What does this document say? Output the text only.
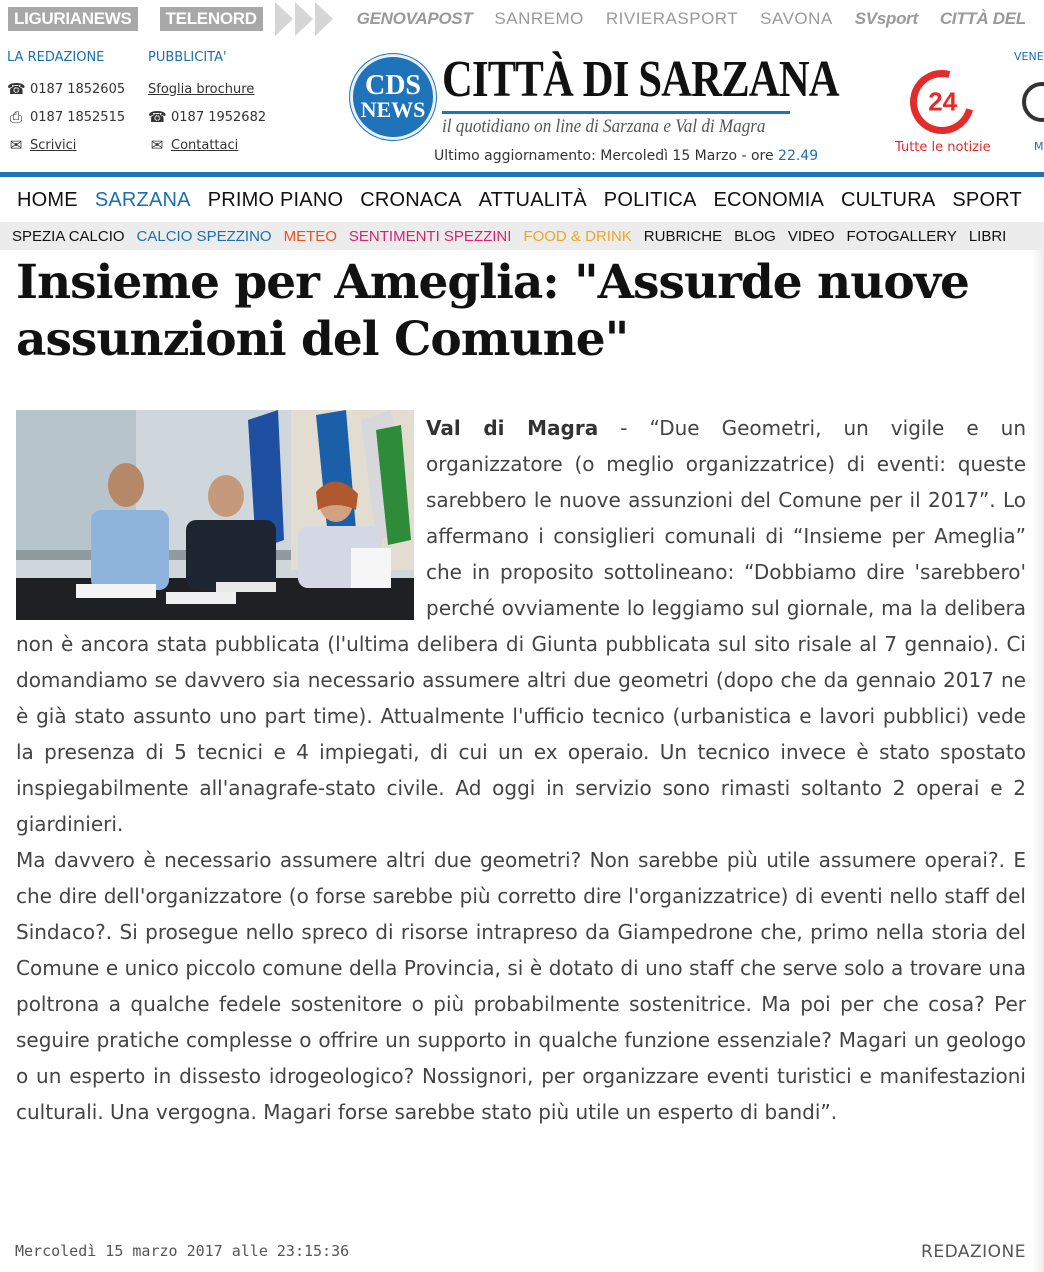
LIGURIANEWS	TELENORD	GENOVAPOST SANREMO RIVIERASPORT SAVONA SVsport CITTÀ DEL
LA REDAZIONE
☎ 0187 1852605
⎙ 0187 1852515
✉ Scrivici
PUBBLICITA'
Sfoglia brochure
☎ 0187 1952682
✉ Contattaci
CDS
NEWS
CITTÀ DI SARZANA
il quotidiano on line di Sarzana e Val di Magra
Ultimo aggiornamento: Mercoledì 15 Marzo - ore 22.49
24
Tutte le notizie
VENE
M
HOME SARZANA PRIMO PIANO CRONACA ATTUALITÀ POLITICA ECONOMIA CULTURA SPORT
SPEZIA CALCIO CALCIO SPEZZINO METEO SENTIMENTI SPEZZINI FOOD & DRINK RUBRICHE BLOG VIDEO FOTOGALLERY LIBRI
Insieme per Ameglia: "Assurde nuove assunzioni del Comune"

Val di Magra - “Due Geometri, un vigile e un organizzatore (o meglio organizzatrice) di eventi: queste sarebbero le nuove assunzioni del Comune per il 2017”. Lo affermano i consiglieri comunali di “Insieme per Ameglia” che in proposito sottolineano: “Dobbiamo dire 'sarebbero' perché ovviamente lo leggiamo sul giornale, ma la delibera non è ancora stata pubblicata (l'ultima delibera di Giunta pubblicata sul sito risale al 7 gennaio). Ci domandiamo se davvero sia necessario assumere altri due geometri (dopo che da gennaio 2017 ne è già stato assunto uno part time). Attualmente l'ufficio tecnico (urbanistica e lavori pubblici) vede la presenza di 5 tecnici e 4 impiegati, di cui un ex operaio. Un tecnico invece è stato spostato inspiegabilmente all'anagrafe-stato civile. Ad oggi in servizio sono rimasti soltanto 2 operai e 2 giardinieri.

Ma davvero è necessario assumere altri due geometri? Non sarebbe più utile assumere operai?. E che dire dell'organizzatore (o forse sarebbe più corretto dire l'organizzatrice) di eventi nello staff del Sindaco?. Si prosegue nello spreco di risorse intrapreso da Giampedrone che, primo nella storia del Comune e unico piccolo comune della Provincia, si è dotato di uno staff che serve solo a trovare una poltrona a qualche fedele sostenitore o più probabilmente sostenitrice. Ma poi per che cosa? Per seguire pratiche complesse o offrire un supporto in qualche funzione essenziale? Magari un geologo o un esperto in dissesto idrogeologico? Nossignori, per organizzare eventi turistici e manifestazioni culturali. Una vergogna. Magari forse sarebbe stato più utile un esperto di bandi”.

Mercoledì 15 marzo 2017 alle 23:15:36	REDAZIONE
